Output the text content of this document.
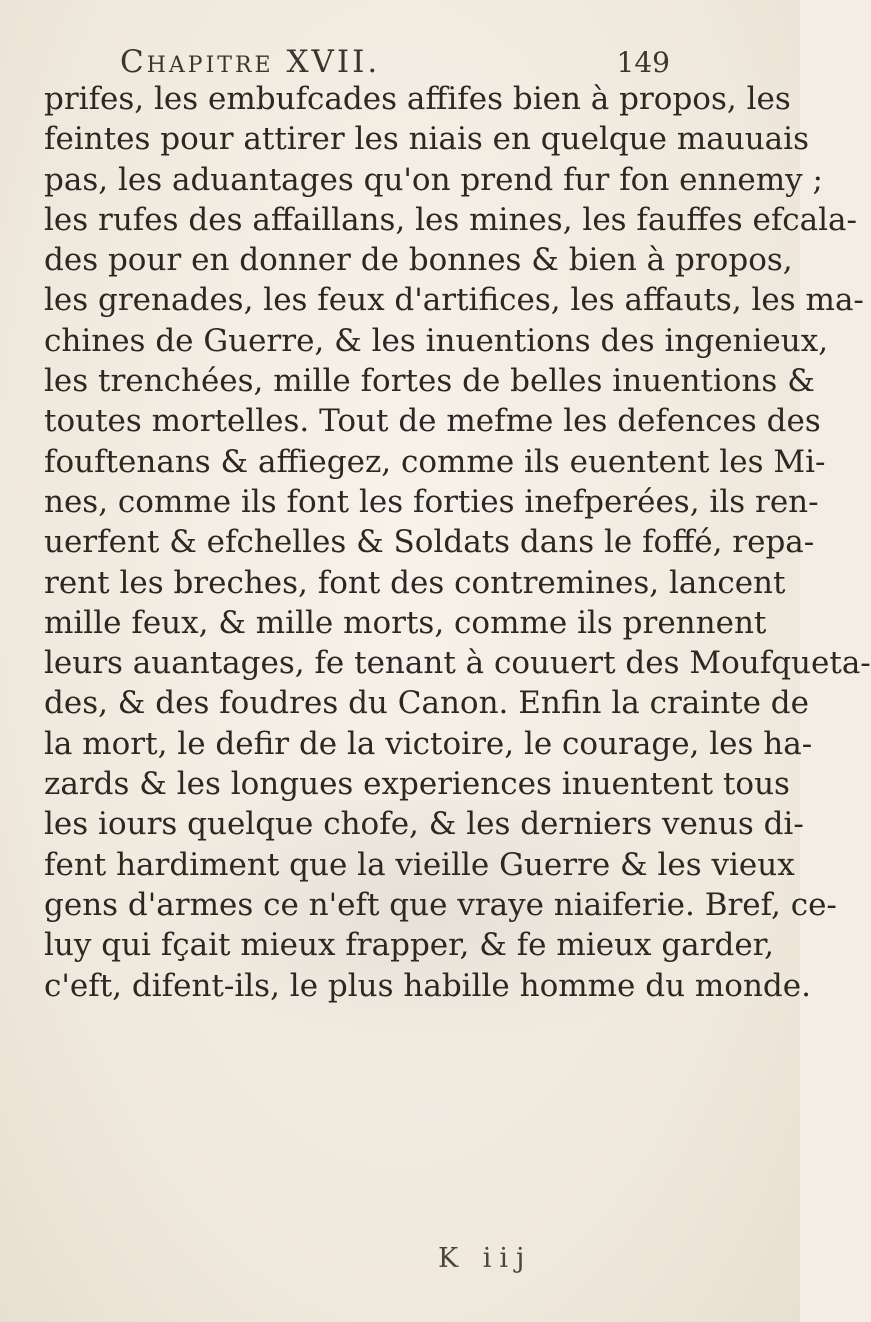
Chapitre XVII.	149
prifes, les embufcades affifes bien à propos, les
feintes pour attirer les niais en quelque mauuais
pas, les aduantages qu'on prend fur fon ennemy ;
les rufes des affaillans, les mines, les fauffes efcala-
des pour en donner de bonnes & bien à propos,
les grenades, les feux d'artifices, les affauts, les ma-
chines de Guerre, & les inuentions des ingenieux,
les trenchées, mille fortes de belles inuentions &
toutes mortelles. Tout de mefme les defences des
fouftenans & affiegez, comme ils euentent les Mi-
nes, comme ils font les forties inefperées, ils ren-
uerfent & efchelles & Soldats dans le foffé, repa-
rent les breches, font des contremines, lancent
mille feux, & mille morts, comme ils prennent
leurs auantages, fe tenant à couuert des Moufqueta-
des, & des foudres du Canon. Enfin la crainte de
la mort, le defir de la victoire, le courage, les ha-
zards & les longues experiences inuentent tous
les iours quelque chofe, & les derniers venus di-
fent hardiment que la vieille Guerre & les vieux
gens d'armes ce n'eft que vraye niaiferie. Bref, ce-
luy qui fçait mieux frapper, & fe mieux garder,
c'eft, difent-ils, le plus habille homme du monde.
K iij
